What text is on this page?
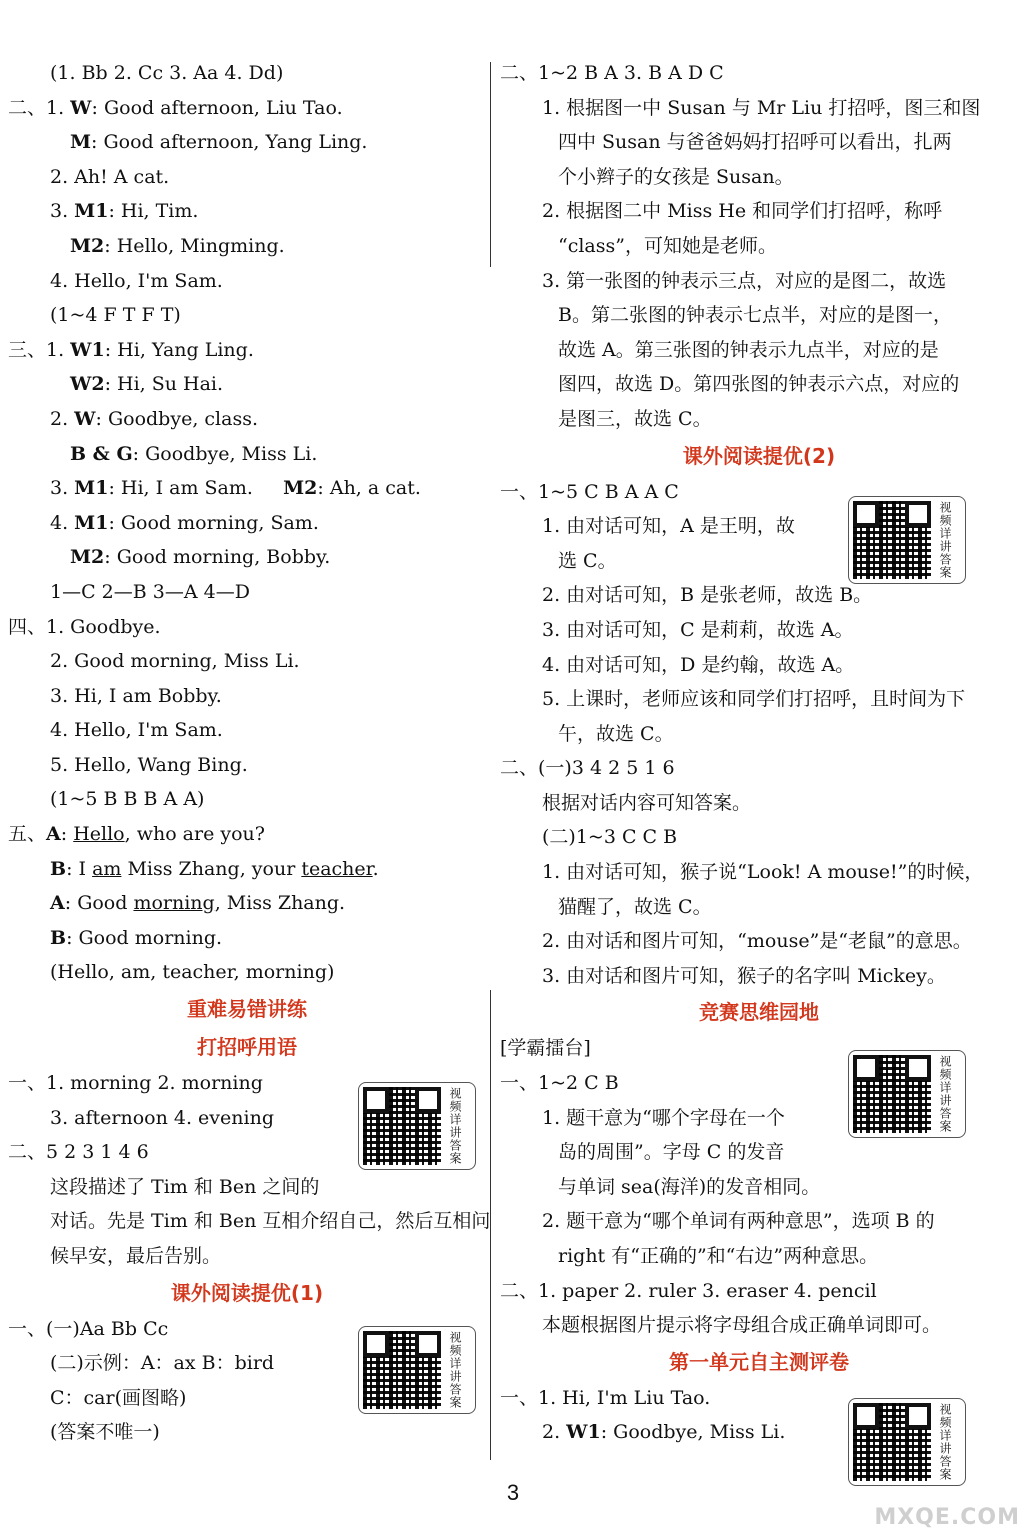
(1. Bb 2. Cc 3. Aa 4. Dd)
二、1. W: Good afternoon, Liu Tao.
M: Good afternoon, Yang Ling.
2. Ah! A cat.
3. M1: Hi, Tim.
M2: Hello, Mingming.
4. Hello, I'm Sam.
(1~4 F T F T)
三、1. W1: Hi, Yang Ling.
W2: Hi, Su Hai.
2. W: Goodbye, class.
B & G: Goodbye, Miss Li.
3. M1: Hi, I am Sam. M2: Ah, a cat.
4. M1: Good morning, Sam.
M2: Good morning, Bobby.
1—C 2—B 3—A 4—D
四、1. Goodbye.
2. Good morning, Miss Li.
3. Hi, I am Bobby.
4. Hello, I'm Sam.
5. Hello, Wang Bing.
(1~5 B B B A A)
五、A: Hello, who are you?
B: I am Miss Zhang, your teacher.
A: Good morning, Miss Zhang.
B: Good morning.
(Hello, am, teacher, morning)
重难易错讲练
打招呼用语
一、1. morning 2. morning
3. afternoon 4. evening
二、5 2 3 1 4 6
这段描述了 Tim 和 Ben 之间的
对话。先是 Tim 和 Ben 互相介绍自己，然后互相问
候早安，最后告别。
课外阅读提优(1)
一、(一)Aa Bb Cc
(二)示例：A：ax B：bird
C：car(画图略)
(答案不唯一)
二、1~2 B A 3. B A D C
1. 根据图一中 Susan 与 Mr Liu 打招呼，图三和图
四中 Susan 与爸爸妈妈打招呼可以看出，扎两
个小辫子的女孩是 Susan。
2. 根据图二中 Miss He 和同学们打招呼，称呼
“class”，可知她是老师。
3. 第一张图的钟表示三点，对应的是图二，故选
B。第二张图的钟表示七点半，对应的是图一，
故选 A。第三张图的钟表示九点半，对应的是
图四，故选 D。第四张图的钟表示六点，对应的
是图三，故选 C。
课外阅读提优(2)
一、1~5 C B A A C
1. 由对话可知，A 是王明，故
选 C。
2. 由对话可知，B 是张老师，故选 B。
3. 由对话可知，C 是莉莉，故选 A。
4. 由对话可知，D 是约翰，故选 A。
5. 上课时，老师应该和同学们打招呼，且时间为下
午，故选 C。
二、(一)3 4 2 5 1 6
根据对话内容可知答案。
(二)1~3 C C B
1. 由对话可知，猴子说“Look! A mouse!”的时候，
猫醒了，故选 C。
2. 由对话和图片可知，“mouse”是“老鼠”的意思。
3. 由对话和图片可知，猴子的名字叫 Mickey。
竞赛思维园地
[学霸擂台]
一、1~2 C B
1. 题干意为“哪个字母在一个
岛的周围”。字母 C 的发音
与单词 sea(海洋)的发音相同。
2. 题干意为“哪个单词有两种意思”，选项 B 的
right 有“正确的”和“右边”两种意思。
二、1. paper 2. ruler 3. eraser 4. pencil
本题根据图片提示将字母组合成正确单词即可。
第一单元自主测评卷
一、1. Hi, I'm Liu Tao.
2. W1: Goodbye, Miss Li.
视频详讲答案
视频详讲答案
视频详讲答案
视频详讲答案
视频详讲答案
3
MXQE.COM
